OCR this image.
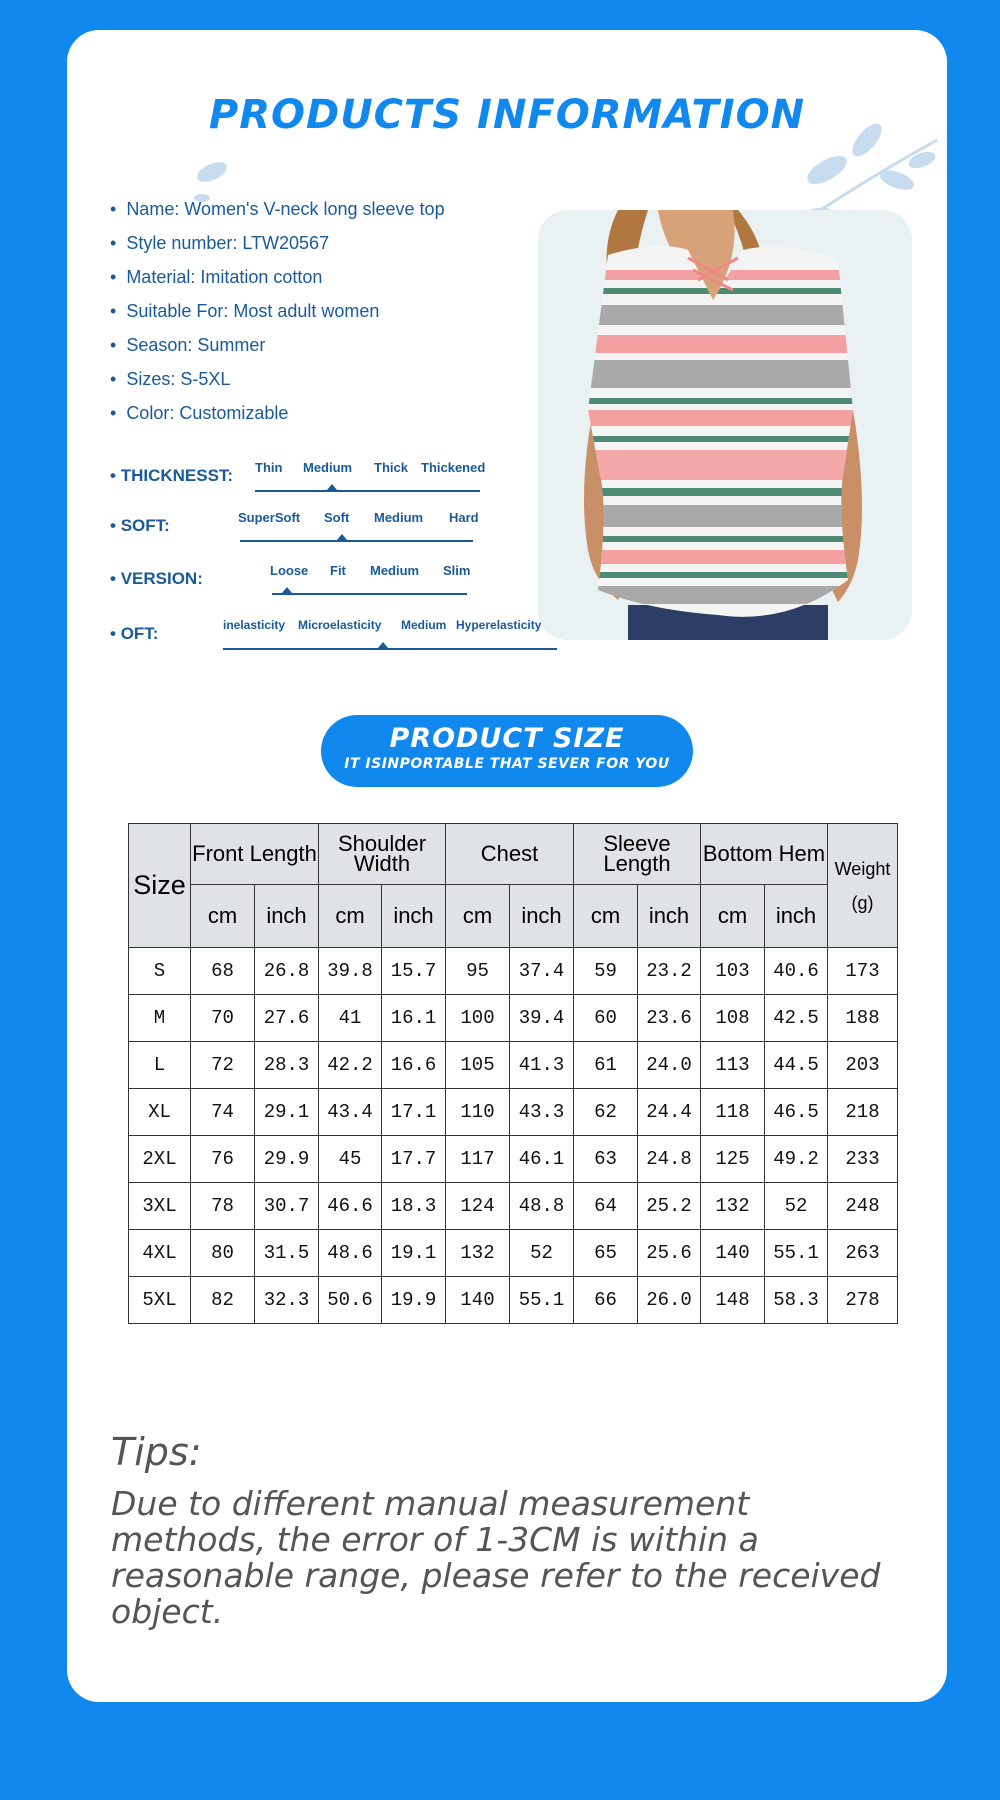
PRODUCTS INFORMATION
• Name: Women's V-neck long sleeve top
• Style number: LTW20567
• Material: Imitation cotton
• Suitable For: Most adult women
• Season: Summer
• Sizes: S-5XL
• Color: Customizable
• THICKNESST: Thin Medium Thick Thickened
• SOFT:	SuperSoft Soft Medium Hard
• VERSION:	Loose Fit Medium Slim
• OFT:	inelasticity Microelasticity Medium Hyperelasticity
PRODUCT SIZE
IT ISINPORTABLE THAT SEVER FOR YOU
Size	Front Length		Shoulder Width		Chest		Sleeve Length		Bottom Hem		Weight (g)
	cm	inch	cm	inch	cm	inch	cm	inch	cm	inch	
S	68	26.8	39.8	15.7	95	37.4	59	23.2	103	40.6	173
M	70	27.6	41	16.1	100	39.4	60	23.6	108	42.5	188
L	72	28.3	42.2	16.6	105	41.3	61	24.0	113	44.5	203
XL	74	29.1	43.4	17.1	110	43.3	62	24.4	118	46.5	218
2XL	76	29.9	45	17.7	117	46.1	63	24.8	125	49.2	233
3XL	78	30.7	46.6	18.3	124	48.8	64	25.2	132	52	248
4XL	80	31.5	48.6	19.1	132	52	65	25.6	140	55.1	263
5XL	82	32.3	50.6	19.9	140	55.1	66	26.0	148	58.3	278
Tips:
Due to different manual measurement methods, the error of 1-3CM is within a reasonable range, please refer to the received object.
